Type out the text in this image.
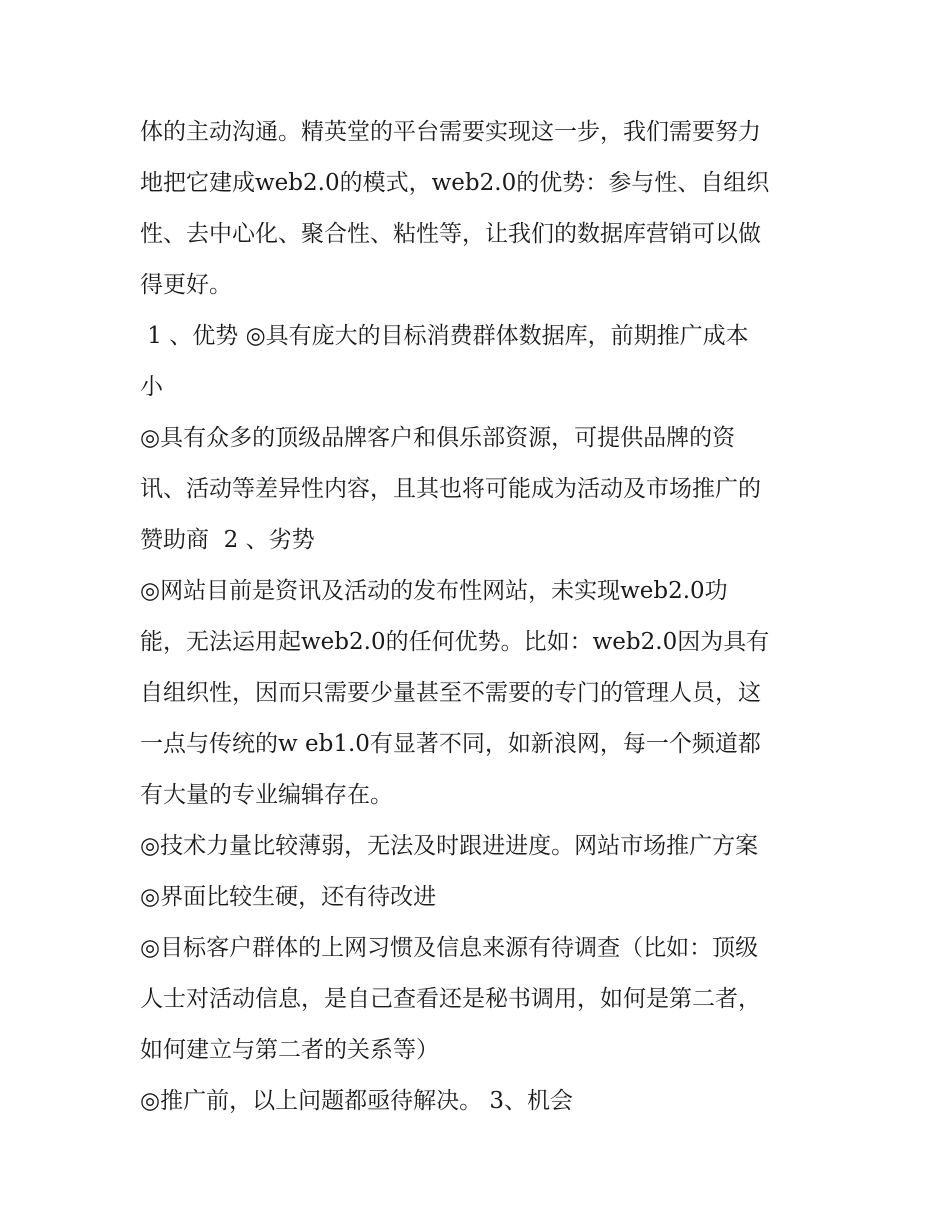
体的主动沟通。精英堂的平台需要实现这一步，我们需要努力
地把它建成web2.0的模式，web2.0的优势：参与性、自组织
性、去中心化、聚合性、粘性等，让我们的数据库营销可以做
得更好。
1 、优势 ◎具有庞大的目标消费群体数据库，前期推广成本
小
◎具有众多的顶级品牌客户和俱乐部资源，可提供品牌的资
讯、活动等差异性内容，且其也将可能成为活动及市场推广的
赞助商  2 、劣势
◎网站目前是资讯及活动的发布性网站，未实现web2.0功
能，无法运用起web2.0的任何优势。比如：web2.0因为具有
自组织性，因而只需要少量甚至不需要的专门的管理人员，这
一点与传统的w eb1.0有显著不同，如新浪网，每一个频道都
有大量的专业编辑存在。
◎技术力量比较薄弱，无法及时跟进进度。网站市场推广方案
◎界面比较生硬，还有待改进
◎目标客户群体的上网习惯及信息来源有待调查（比如：顶级
人士对活动信息，是自己查看还是秘书调用，如何是第二者，
如何建立与第二者的关系等）
◎推广前，以上问题都亟待解决。 3、机会
